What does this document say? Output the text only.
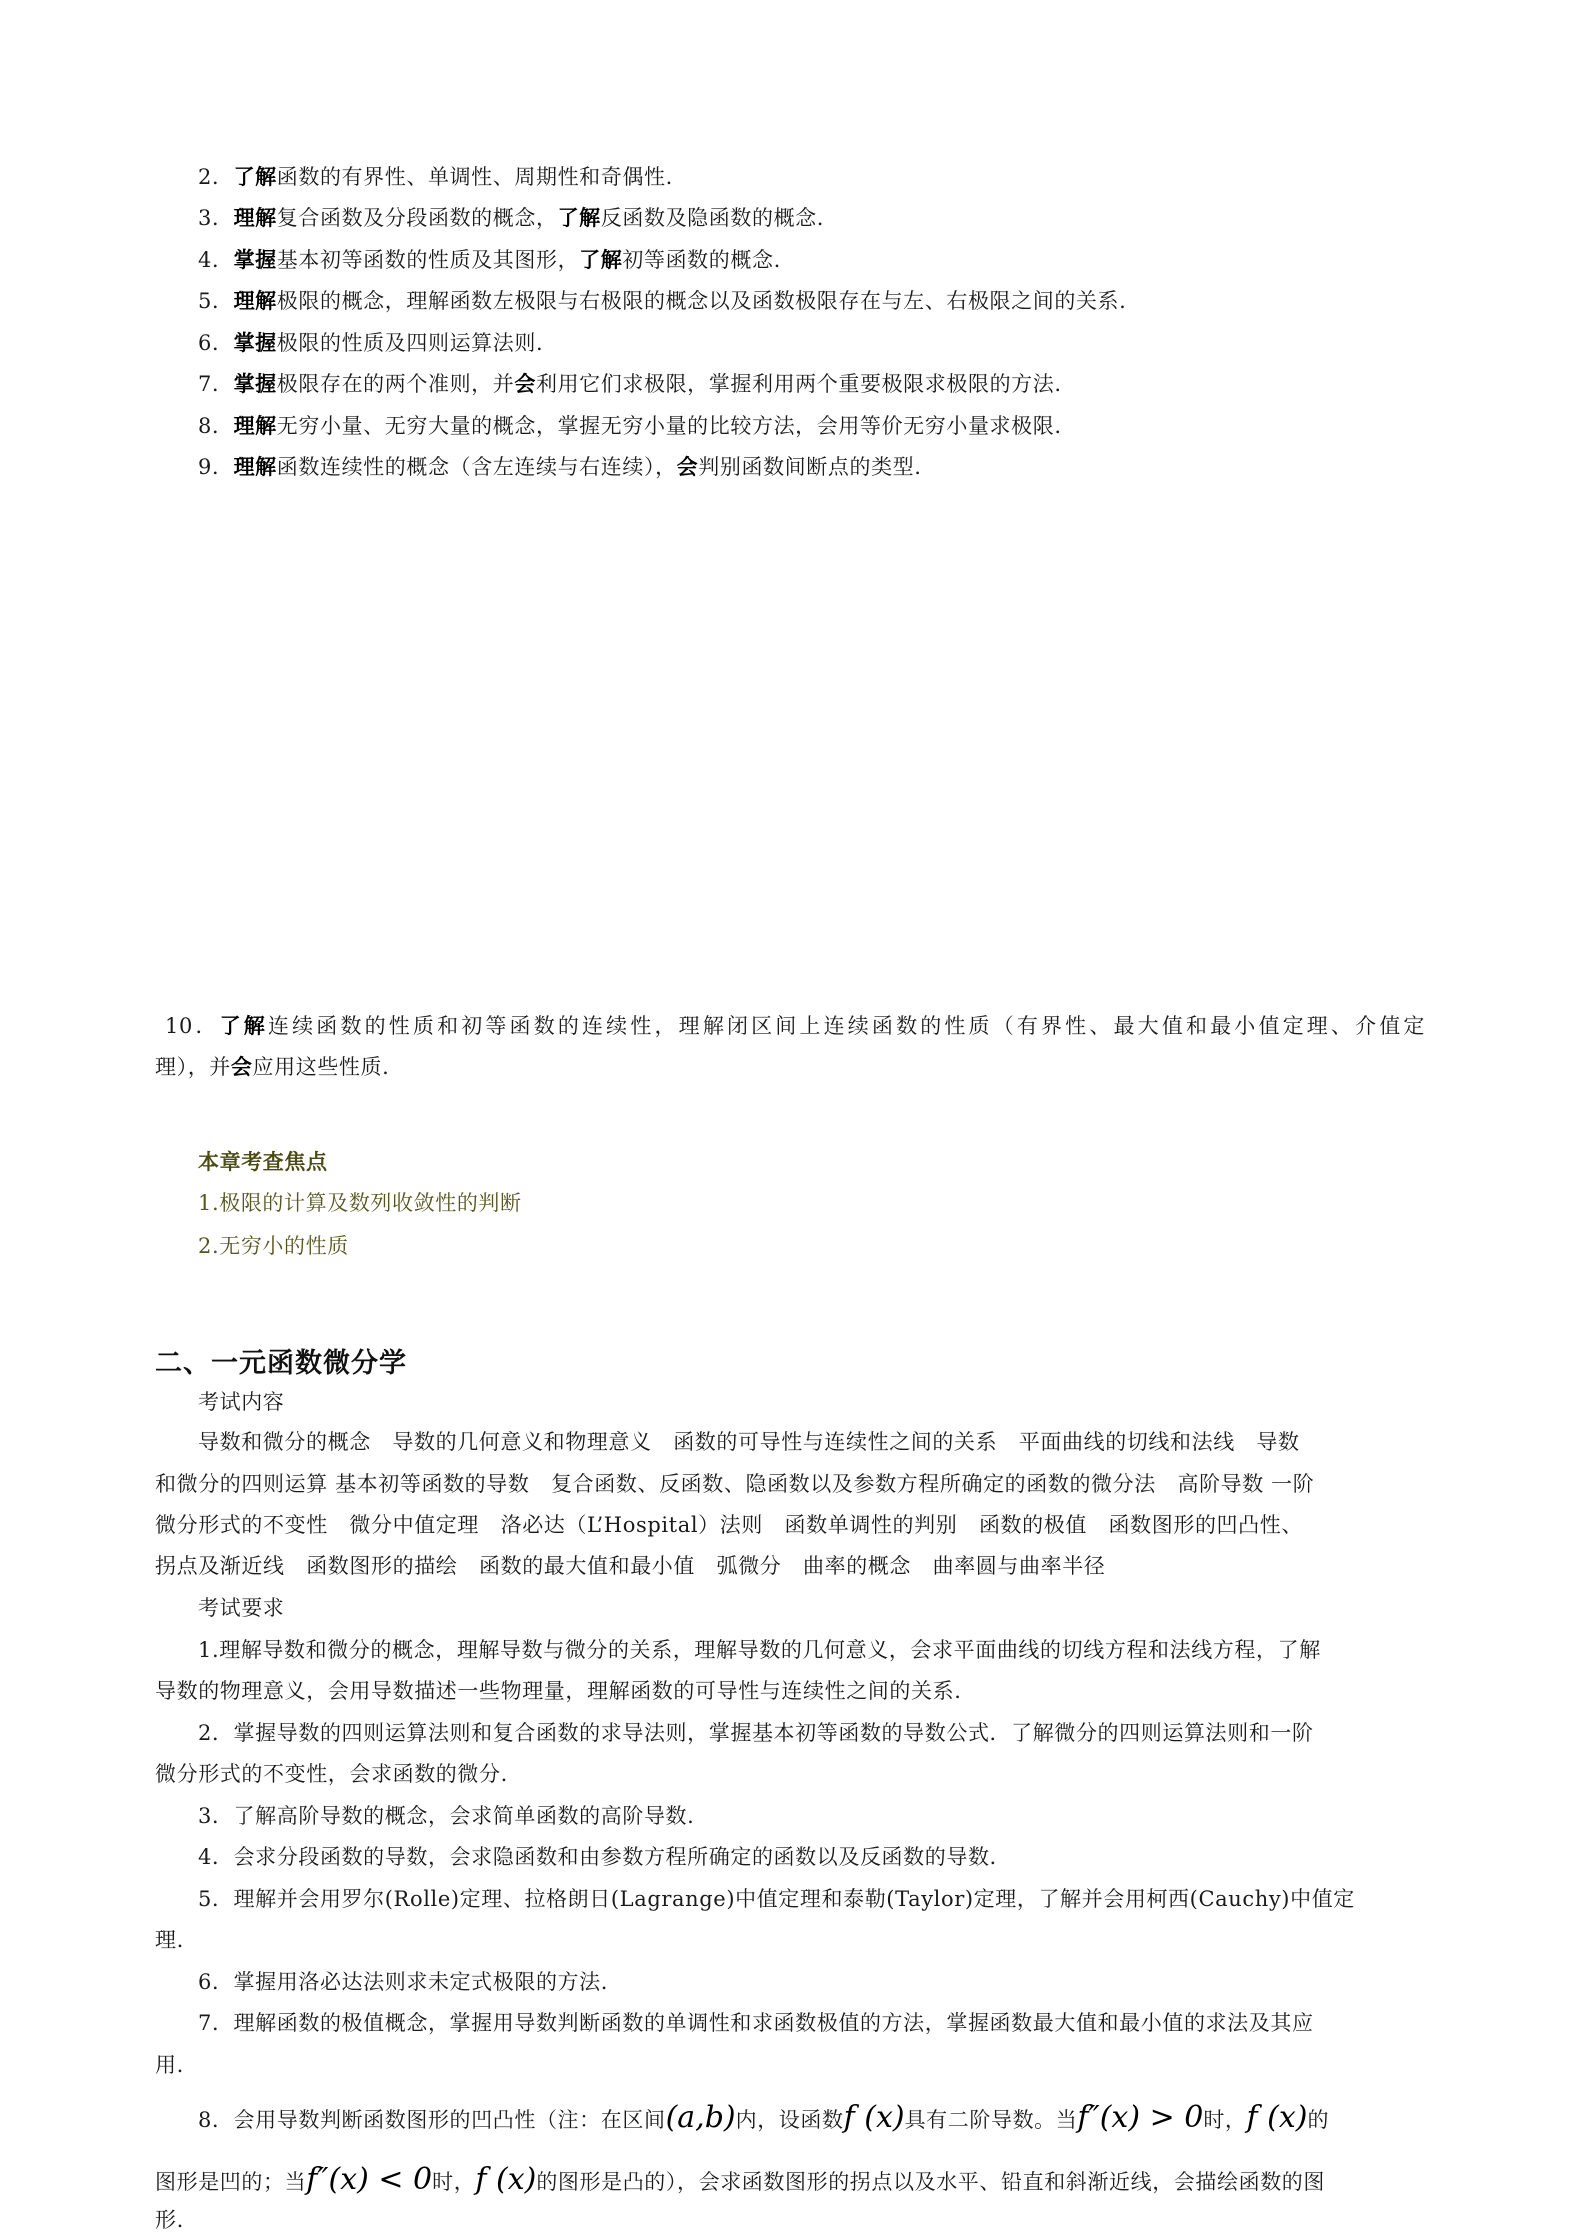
2．了解函数的有界性、单调性、周期性和奇偶性.
3．理解复合函数及分段函数的概念，了解反函数及隐函数的概念.
4．掌握基本初等函数的性质及其图形，了解初等函数的概念.
5．理解极限的概念，理解函数左极限与右极限的概念以及函数极限存在与左、右极限之间的关系.
6．掌握极限的性质及四则运算法则.
7．掌握极限存在的两个准则，并会利用它们求极限，掌握利用两个重要极限求极限的方法.
8．理解无穷小量、无穷大量的概念，掌握无穷小量的比较方法，会用等价无穷小量求极限.
9．理解函数连续性的概念（含左连续与右连续），会判别函数间断点的类型.
10．了解连续函数的性质和初等函数的连续性，理解闭区间上连续函数的性质（有界性、最大值和最小值定理、介值定
理），并会应用这些性质.
本章考查焦点
1.极限的计算及数列收敛性的判断
2.无穷小的性质
二、一元函数微分学
考试内容
导数和微分的概念　导数的几何意义和物理意义　函数的可导性与连续性之间的关系　平面曲线的切线和法线　导数
和微分的四则运算 基本初等函数的导数　复合函数、反函数、隐函数以及参数方程所确定的函数的微分法　高阶导数 一阶
微分形式的不变性　微分中值定理　洛必达（L’Hospital）法则　函数单调性的判别　函数的极值　函数图形的凹凸性、
拐点及渐近线　函数图形的描绘　函数的最大值和最小值　弧微分　曲率的概念　曲率圆与曲率半径
考试要求
1.理解导数和微分的概念，理解导数与微分的关系，理解导数的几何意义，会求平面曲线的切线方程和法线方程，了解
导数的物理意义，会用导数描述一些物理量，理解函数的可导性与连续性之间的关系.
2．掌握导数的四则运算法则和复合函数的求导法则，掌握基本初等函数的导数公式．了解微分的四则运算法则和一阶
微分形式的不变性，会求函数的微分.
3．了解高阶导数的概念，会求简单函数的高阶导数.
4．会求分段函数的导数，会求隐函数和由参数方程所确定的函数以及反函数的导数.
5．理解并会用罗尔(Rolle)定理、拉格朗日(Lagrange)中值定理和泰勒(Taylor)定理，了解并会用柯西(Cauchy)中值定
理.
6．掌握用洛必达法则求未定式极限的方法.
7．理解函数的极值概念，掌握用导数判断函数的单调性和求函数极值的方法，掌握函数最大值和最小值的求法及其应
用.
8．会用导数判断函数图形的凹凸性（注：在区间(a,b)内，设函数f (x)具有二阶导数。当f″(x) > 0时，f (x)的
图形是凹的；当f″(x) < 0时，f (x)的图形是凸的），会求函数图形的拐点以及水平、铅直和斜渐近线，会描绘函数的图
形.
